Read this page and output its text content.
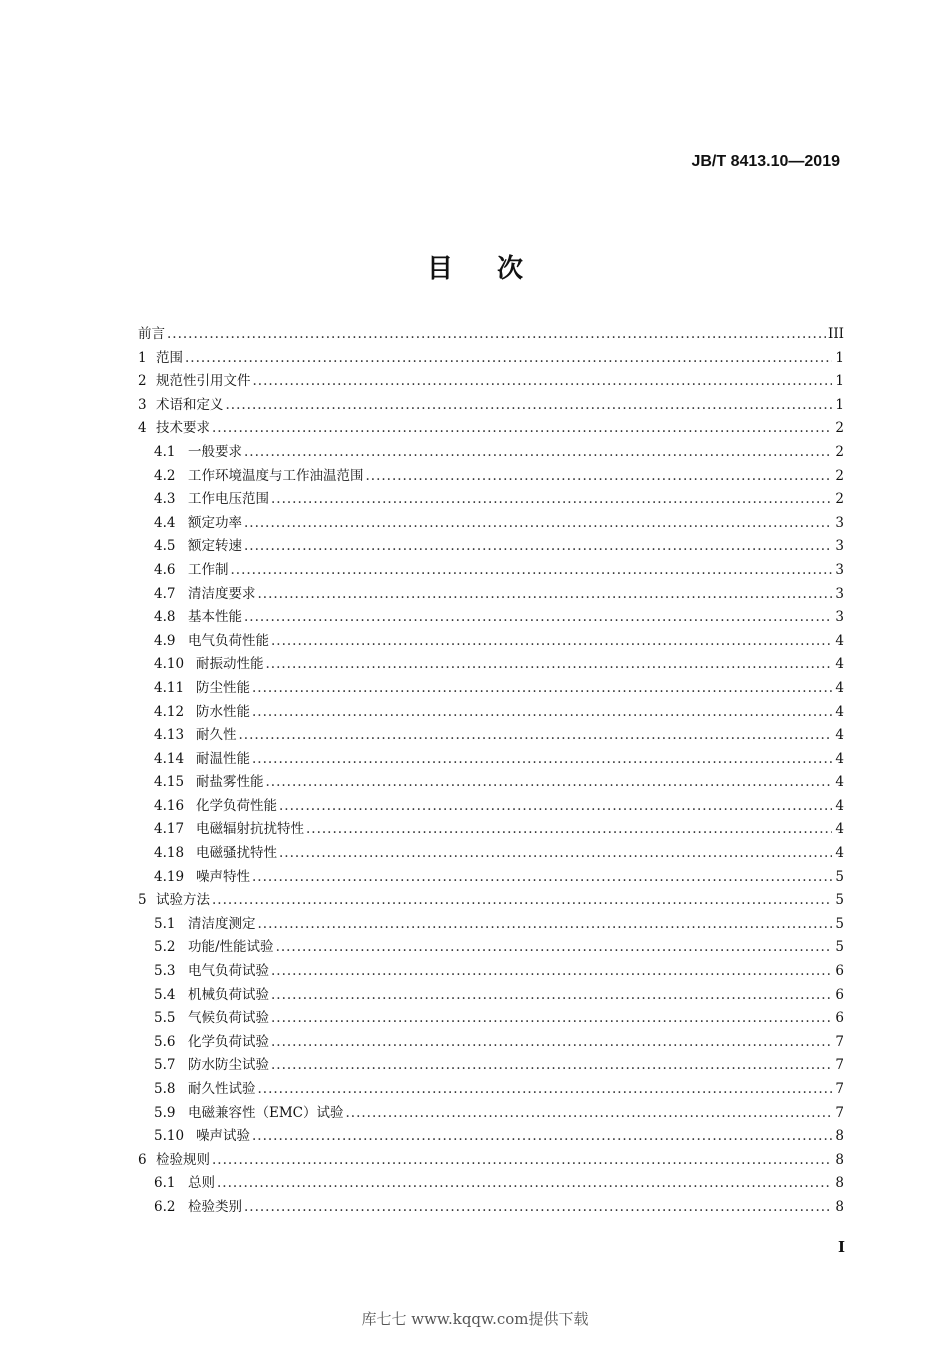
JB/T 8413.10—2019
目次
前言 .....	III
1 范围 .....	1
2 规范性引用文件 .....	1
3 术语和定义 .....	1
4 技术要求 .....	2
4.1 一般要求 .....	2
4.2 工作环境温度与工作油温范围 .....	2
4.3 工作电压范围 .....	2
4.4 额定功率 .....	3
4.5 额定转速 .....	3
4.6 工作制 .....	3
4.7 清洁度要求 .....	3
4.8 基本性能 .....	3
4.9 电气负荷性能 .....	4
4.10 耐振动性能 .....	4
4.11 防尘性能 .....	4
4.12 防水性能 .....	4
4.13 耐久性 .....	4
4.14 耐温性能 .....	4
4.15 耐盐雾性能 .....	4
4.16 化学负荷性能 .....	4
4.17 电磁辐射抗扰特性 .....	4
4.18 电磁骚扰特性 .....	4
4.19 噪声特性 .....	5
5 试验方法 .....	5
5.1 清洁度测定 .....	5
5.2 功能/性能试验 .....	5
5.3 电气负荷试验 .....	6
5.4 机械负荷试验 .....	6
5.5 气候负荷试验 .....	6
5.6 化学负荷试验 .....	7
5.7 防水防尘试验 .....	7
5.8 耐久性试验 .....	7
5.9 电磁兼容性（EMC）试验 .....	7
5.10 噪声试验 .....	8
6 检验规则 .....	8
6.1 总则 .....	8
6.2 检验类别 .....	8
I
库七七 www.kqqw.com提供下载
